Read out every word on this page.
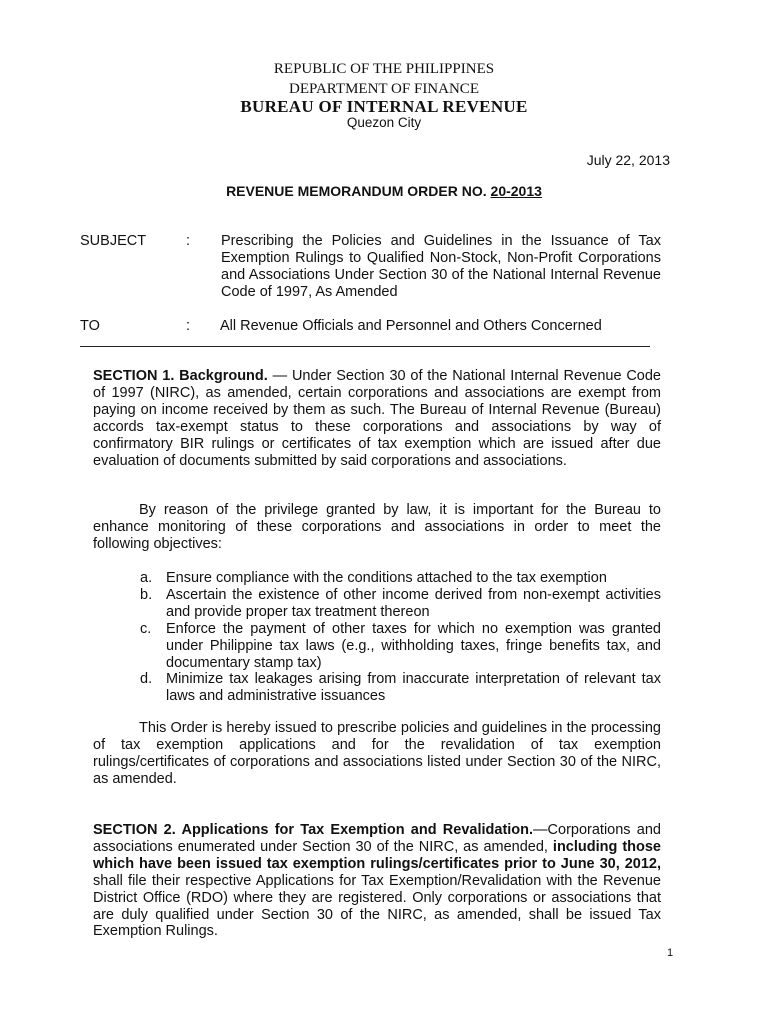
REPUBLIC OF THE PHILIPPINES
DEPARTMENT OF FINANCE
BUREAU OF INTERNAL REVENUE
Quezon City
July 22, 2013
REVENUE MEMORANDUM ORDER NO. 20-2013
SUBJECT	: Prescribing the Policies and Guidelines in the Issuance of Tax Exemption Rulings to Qualified Non-Stock, Non-Profit Corporations and Associations Under Section 30 of the National Internal Revenue Code of 1997, As Amended
TO	: All Revenue Officials and Personnel and Others Concerned
SECTION 1. Background. — Under Section 30 of the National Internal Revenue Code of 1997 (NIRC), as amended, certain corporations and associations are exempt from paying on income received by them as such. The Bureau of Internal Revenue (Bureau) accords tax-exempt status to these corporations and associations by way of confirmatory BIR rulings or certificates of tax exemption which are issued after due evaluation of documents submitted by said corporations and associations.
By reason of the privilege granted by law, it is important for the Bureau to enhance monitoring of these corporations and associations in order to meet the following objectives:
a. Ensure compliance with the conditions attached to the tax exemption
b. Ascertain the existence of other income derived from non-exempt activities and provide proper tax treatment thereon
c. Enforce the payment of other taxes for which no exemption was granted under Philippine tax laws (e.g., withholding taxes, fringe benefits tax, and documentary stamp tax)
d. Minimize tax leakages arising from inaccurate interpretation of relevant tax laws and administrative issuances
This Order is hereby issued to prescribe policies and guidelines in the processing of tax exemption applications and for the revalidation of tax exemption rulings/certificates of corporations and associations listed under Section 30 of the NIRC, as amended.
SECTION 2. Applications for Tax Exemption and Revalidation.—Corporations and associations enumerated under Section 30 of the NIRC, as amended, including those which have been issued tax exemption rulings/certificates prior to June 30, 2012, shall file their respective Applications for Tax Exemption/Revalidation with the Revenue District Office (RDO) where they are registered. Only corporations or associations that are duly qualified under Section 30 of the NIRC, as amended, shall be issued Tax Exemption Rulings.
1
